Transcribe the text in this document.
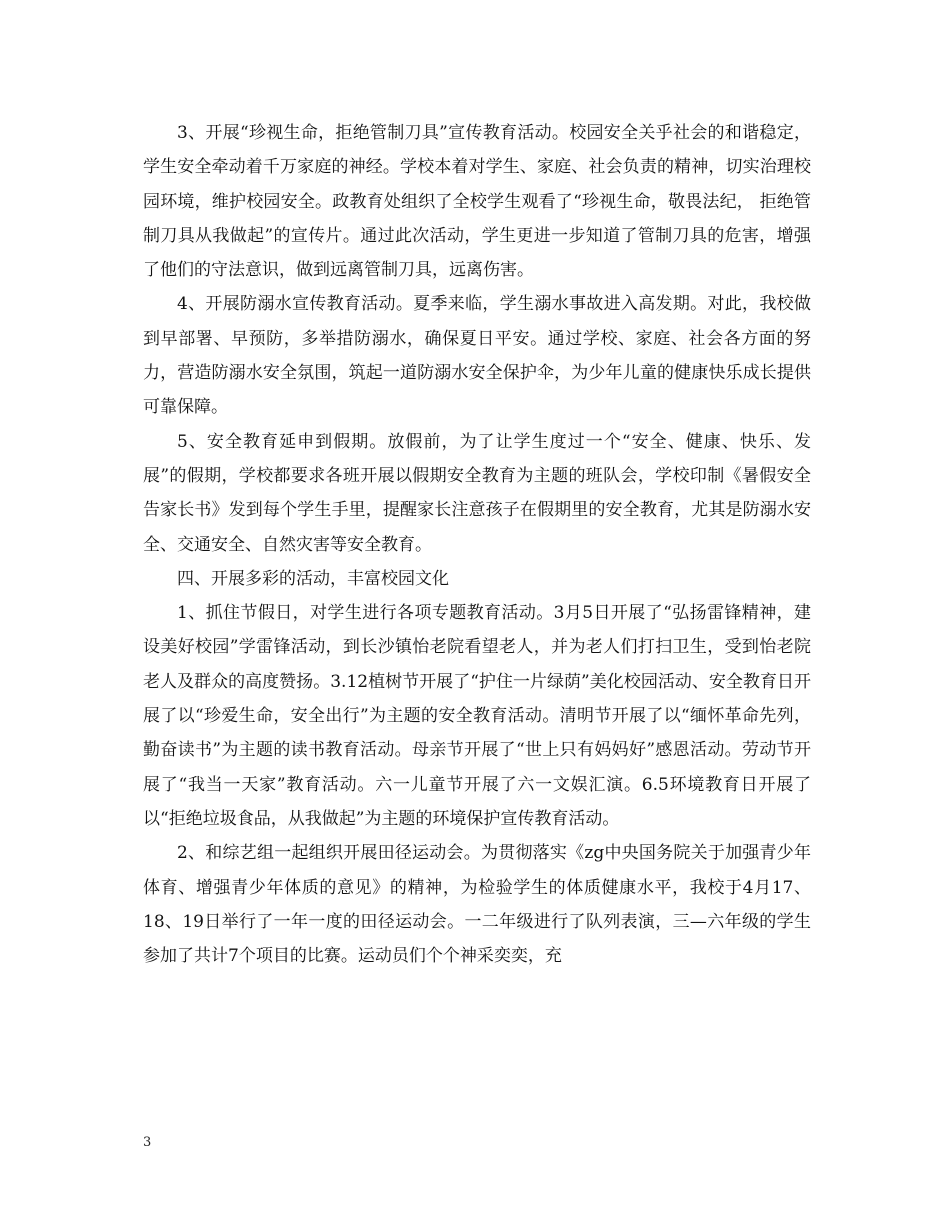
3、开展“珍视生命，拒绝管制刀具”宣传教育活动。校园安全关乎社会的和谐稳定，学生安全牵动着千万家庭的神经。学校本着对学生、家庭、社会负责的精神，切实治理校园环境，维护校园安全。政教育处组织了全校学生观看了“珍视生命，敬畏法纪， 拒绝管制刀具从我做起”的宣传片。通过此次活动，学生更进一步知道了管制刀具的危害，增强了他们的守法意识，做到远离管制刀具，远离伤害。

4、开展防溺水宣传教育活动。夏季来临，学生溺水事故进入高发期。对此，我校做到早部署、早预防，多举措防溺水，确保夏日平安。通过学校、家庭、社会各方面的努力，营造防溺水安全氛围，筑起一道防溺水安全保护伞，为少年儿童的健康快乐成长提供可靠保障。

5、安全教育延申到假期。放假前，为了让学生度过一个“安全、健康、快乐、发展”的假期，学校都要求各班开展以假期安全教育为主题的班队会，学校印制《暑假安全告家长书》发到每个学生手里，提醒家长注意孩子在假期里的安全教育，尤其是防溺水安全、交通安全、自然灾害等安全教育。

四、开展多彩的活动，丰富校园文化

1、抓住节假日，对学生进行各项专题教育活动。3月5日开展了“弘扬雷锋精神，建设美好校园”学雷锋活动，到长沙镇怡老院看望老人，并为老人们打扫卫生，受到怡老院老人及群众的高度赞扬。3.12植树节开展了“护住一片绿荫”美化校园活动、安全教育日开展了以“珍爱生命，安全出行”为主题的安全教育活动。清明节开展了以“缅怀革命先列，勤奋读书”为主题的读书教育活动。母亲节开展了“世上只有妈妈好”感恩活动。劳动节开展了“我当一天家”教育活动。六一儿童节开展了六一文娱汇演。6.5环境教育日开展了以“拒绝垃圾食品，从我做起”为主题的环境保护宣传教育活动。

2、和综艺组一起组织开展田径运动会。为贯彻落实《zg中央国务院关于加强青少年体育、增强青少年体质的意见》的精神，为检验学生的体质健康水平，我校于4月17、18、19日举行了一年一度的田径运动会。一二年级进行了队列表演，三—六年级的学生参加了共计7个项目的比赛。运动员们个个神采奕奕，充

3
